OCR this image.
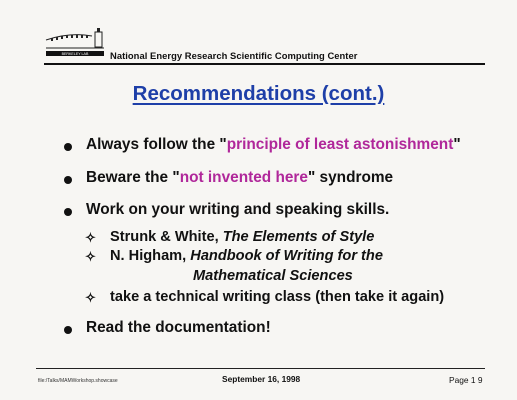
BERKELEY LAB National Energy Research Scientific Computing Center
Recommendations (cont.)
Always follow the "principle of least astonishment"
Beware the "not invented here" syndrome
Work on your writing and speaking skills.
✧ Strunk & White, The Elements of Style
✧ N. Higham, Handbook of Writing for the
Mathematical Sciences
✧ take a technical writing class (then take it again)
Read the documentation!
file:/Talks/MAMWorkshop.showcase	September 16, 1998	Page 1 9
